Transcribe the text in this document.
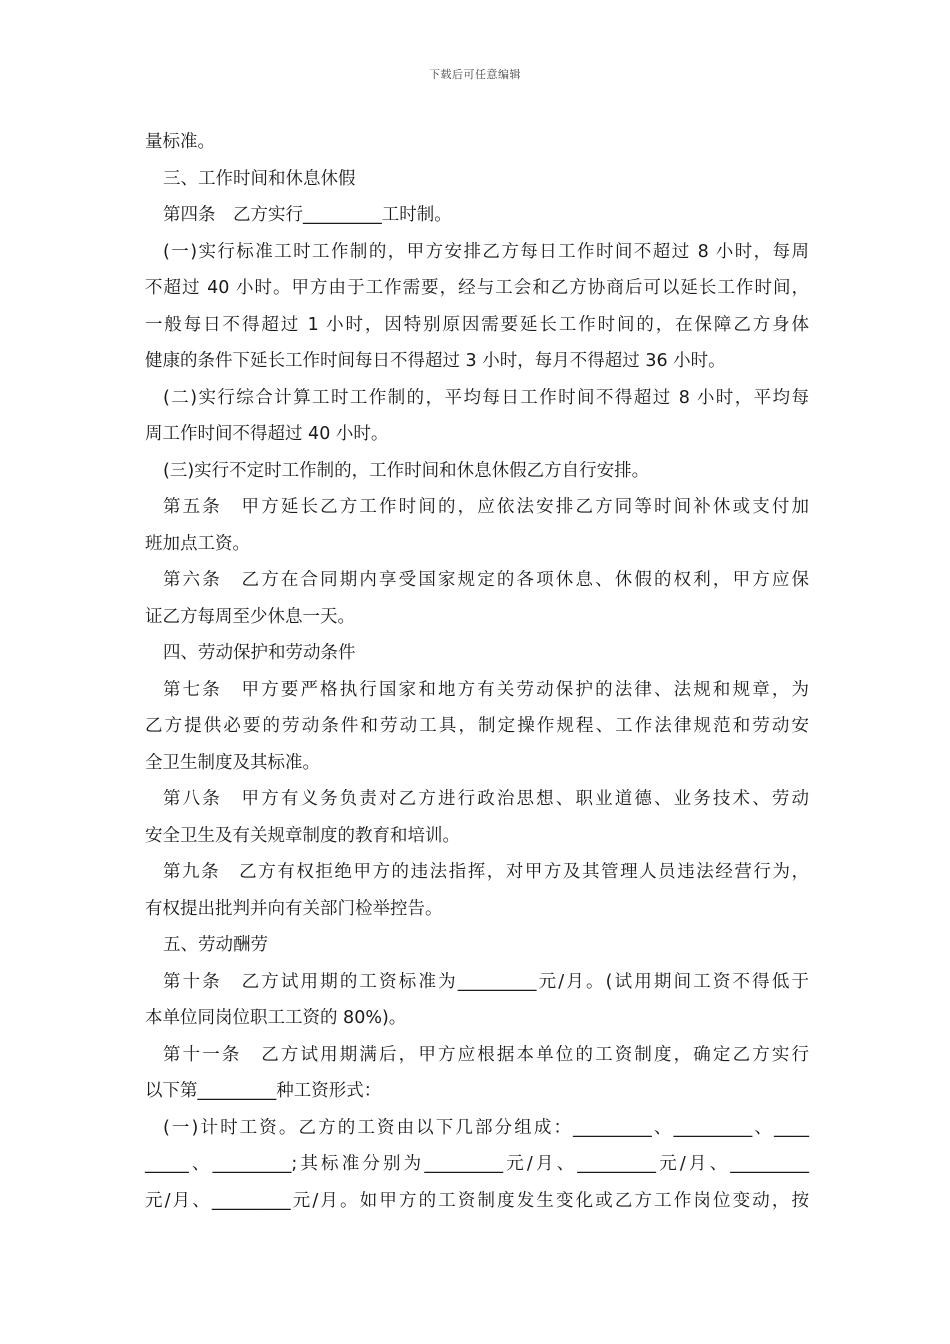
下载后可任意编辑
量标准。
三、工作时间和休息休假
第四条　乙方实行_________工时制。
(一)实行标准工时工作制的，甲方安排乙方每日工作时间不超过 8 小时，每周
不超过 40 小时。甲方由于工作需要，经与工会和乙方协商后可以延长工作时间，
一般每日不得超过 1 小时，因特别原因需要延长工作时间的，在保障乙方身体
健康的条件下延长工作时间每日不得超过 3 小时，每月不得超过 36 小时。
(二)实行综合计算工时工作制的，平均每日工作时间不得超过 8 小时，平均每
周工作时间不得超过 40 小时。
(三)实行不定时工作制的，工作时间和休息休假乙方自行安排。
第五条　甲方延长乙方工作时间的，应依法安排乙方同等时间补休或支付加
班加点工资。
第六条　乙方在合同期内享受国家规定的各项休息、休假的权利，甲方应保
证乙方每周至少休息一天。
四、劳动保护和劳动条件
第七条　甲方要严格执行国家和地方有关劳动保护的法律、法规和规章，为
乙方提供必要的劳动条件和劳动工具，制定操作规程、工作法律规范和劳动安
全卫生制度及其标准。
第八条　甲方有义务负责对乙方进行政治思想、职业道德、业务技术、劳动
安全卫生及有关规章制度的教育和培训。
第九条　乙方有权拒绝甲方的违法指挥，对甲方及其管理人员违法经营行为，
有权提出批判并向有关部门检举控告。
五、劳动酬劳
第十条　乙方试用期的工资标准为_________元/月。(试用期间工资不得低于
本单位同岗位职工工资的 80%)。
第十一条　乙方试用期满后，甲方应根据本单位的工资制度，确定乙方实行
以下第_________种工资形式：
(一)计时工资。乙方的工资由以下几部分组成：_________、_________、____
_____、_________;其标准分别为_________元/月、_________元/月、_________
元/月、_________元/月。如甲方的工资制度发生变化或乙方工作岗位变动，按
